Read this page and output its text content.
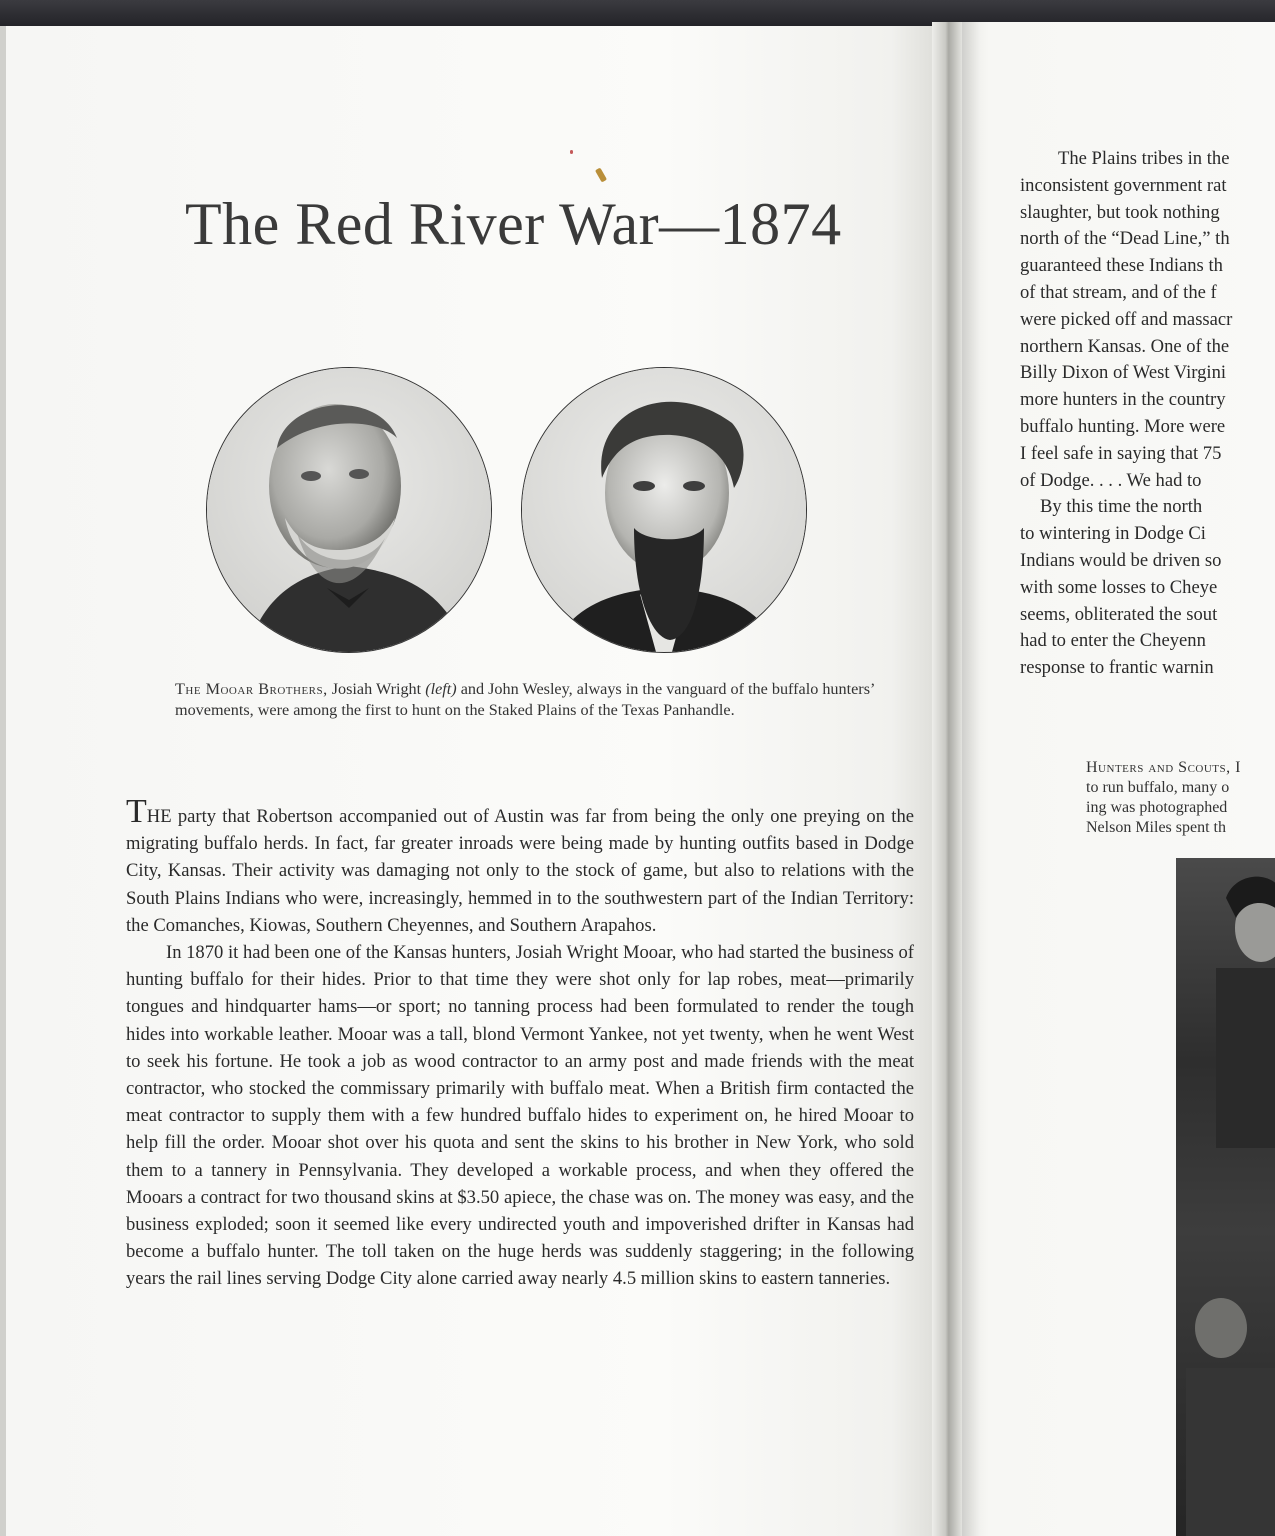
The Red River War—1874
The Mooar Brothers, Josiah Wright (left) and John Wesley, always in the vanguard of the buffalo hunters’ movements, were among the first to hunt on the Staked Plains of the Texas Panhandle.

THE party that Robertson accompanied out of Austin was far from being the only one preying on the migrating buffalo herds. In fact, far greater inroads were being made by hunting outfits based in Dodge City, Kansas. Their activity was damaging not only to the stock of game, but also to relations with the South Plains Indians who were, increasingly, hemmed in to the southwestern part of the Indian Territory: the Comanches, Kiowas, Southern Cheyennes, and Southern Arapahos.

In 1870 it had been one of the Kansas hunters, Josiah Wright Mooar, who had started the business of hunting buffalo for their hides. Prior to that time they were shot only for lap robes, meat—primarily tongues and hindquarter hams—or sport; no tanning process had been formulated to render the tough hides into workable leather. Mooar was a tall, blond Vermont Yankee, not yet twenty, when he went West to seek his fortune. He took a job as wood contractor to an army post and made friends with the meat contractor, who stocked the commissary primarily with buffalo meat. When a British firm contacted the meat contractor to supply them with a few hundred buffalo hides to experiment on, he hired Mooar to help fill the order. Mooar shot over his quota and sent the skins to his brother in New York, who sold them to a tannery in Pennsylvania. They developed a workable process, and when they offered the Mooars a contract for two thousand skins at $3.50 apiece, the chase was on. The money was easy, and the business exploded; soon it seemed like every undirected youth and impoverished drifter in Kansas had become a buffalo hunter. The toll taken on the huge herds was suddenly staggering; in the following years the rail lines serving Dodge City alone carried away nearly 4.5 million skins to eastern tanneries.

The Plains tribes in the
inconsistent government rat
slaughter, but took nothing
north of the “Dead Line,” th
guaranteed these Indians th
of that stream, and of the f
were picked off and massacr
northern Kansas. One of the
Billy Dixon of West Virgini
more hunters in the country
buffalo hunting. More were
I feel safe in saying that 75
of Dodge. . . . We had to
By this time the north
to wintering in Dodge Ci
Indians would be driven so
with some losses to Cheye
seems, obliterated the sout
had to enter the Cheyenn
response to frantic warnin
Hunters and Scouts, I
to run buffalo, many o
ing was photographed
Nelson Miles spent th
